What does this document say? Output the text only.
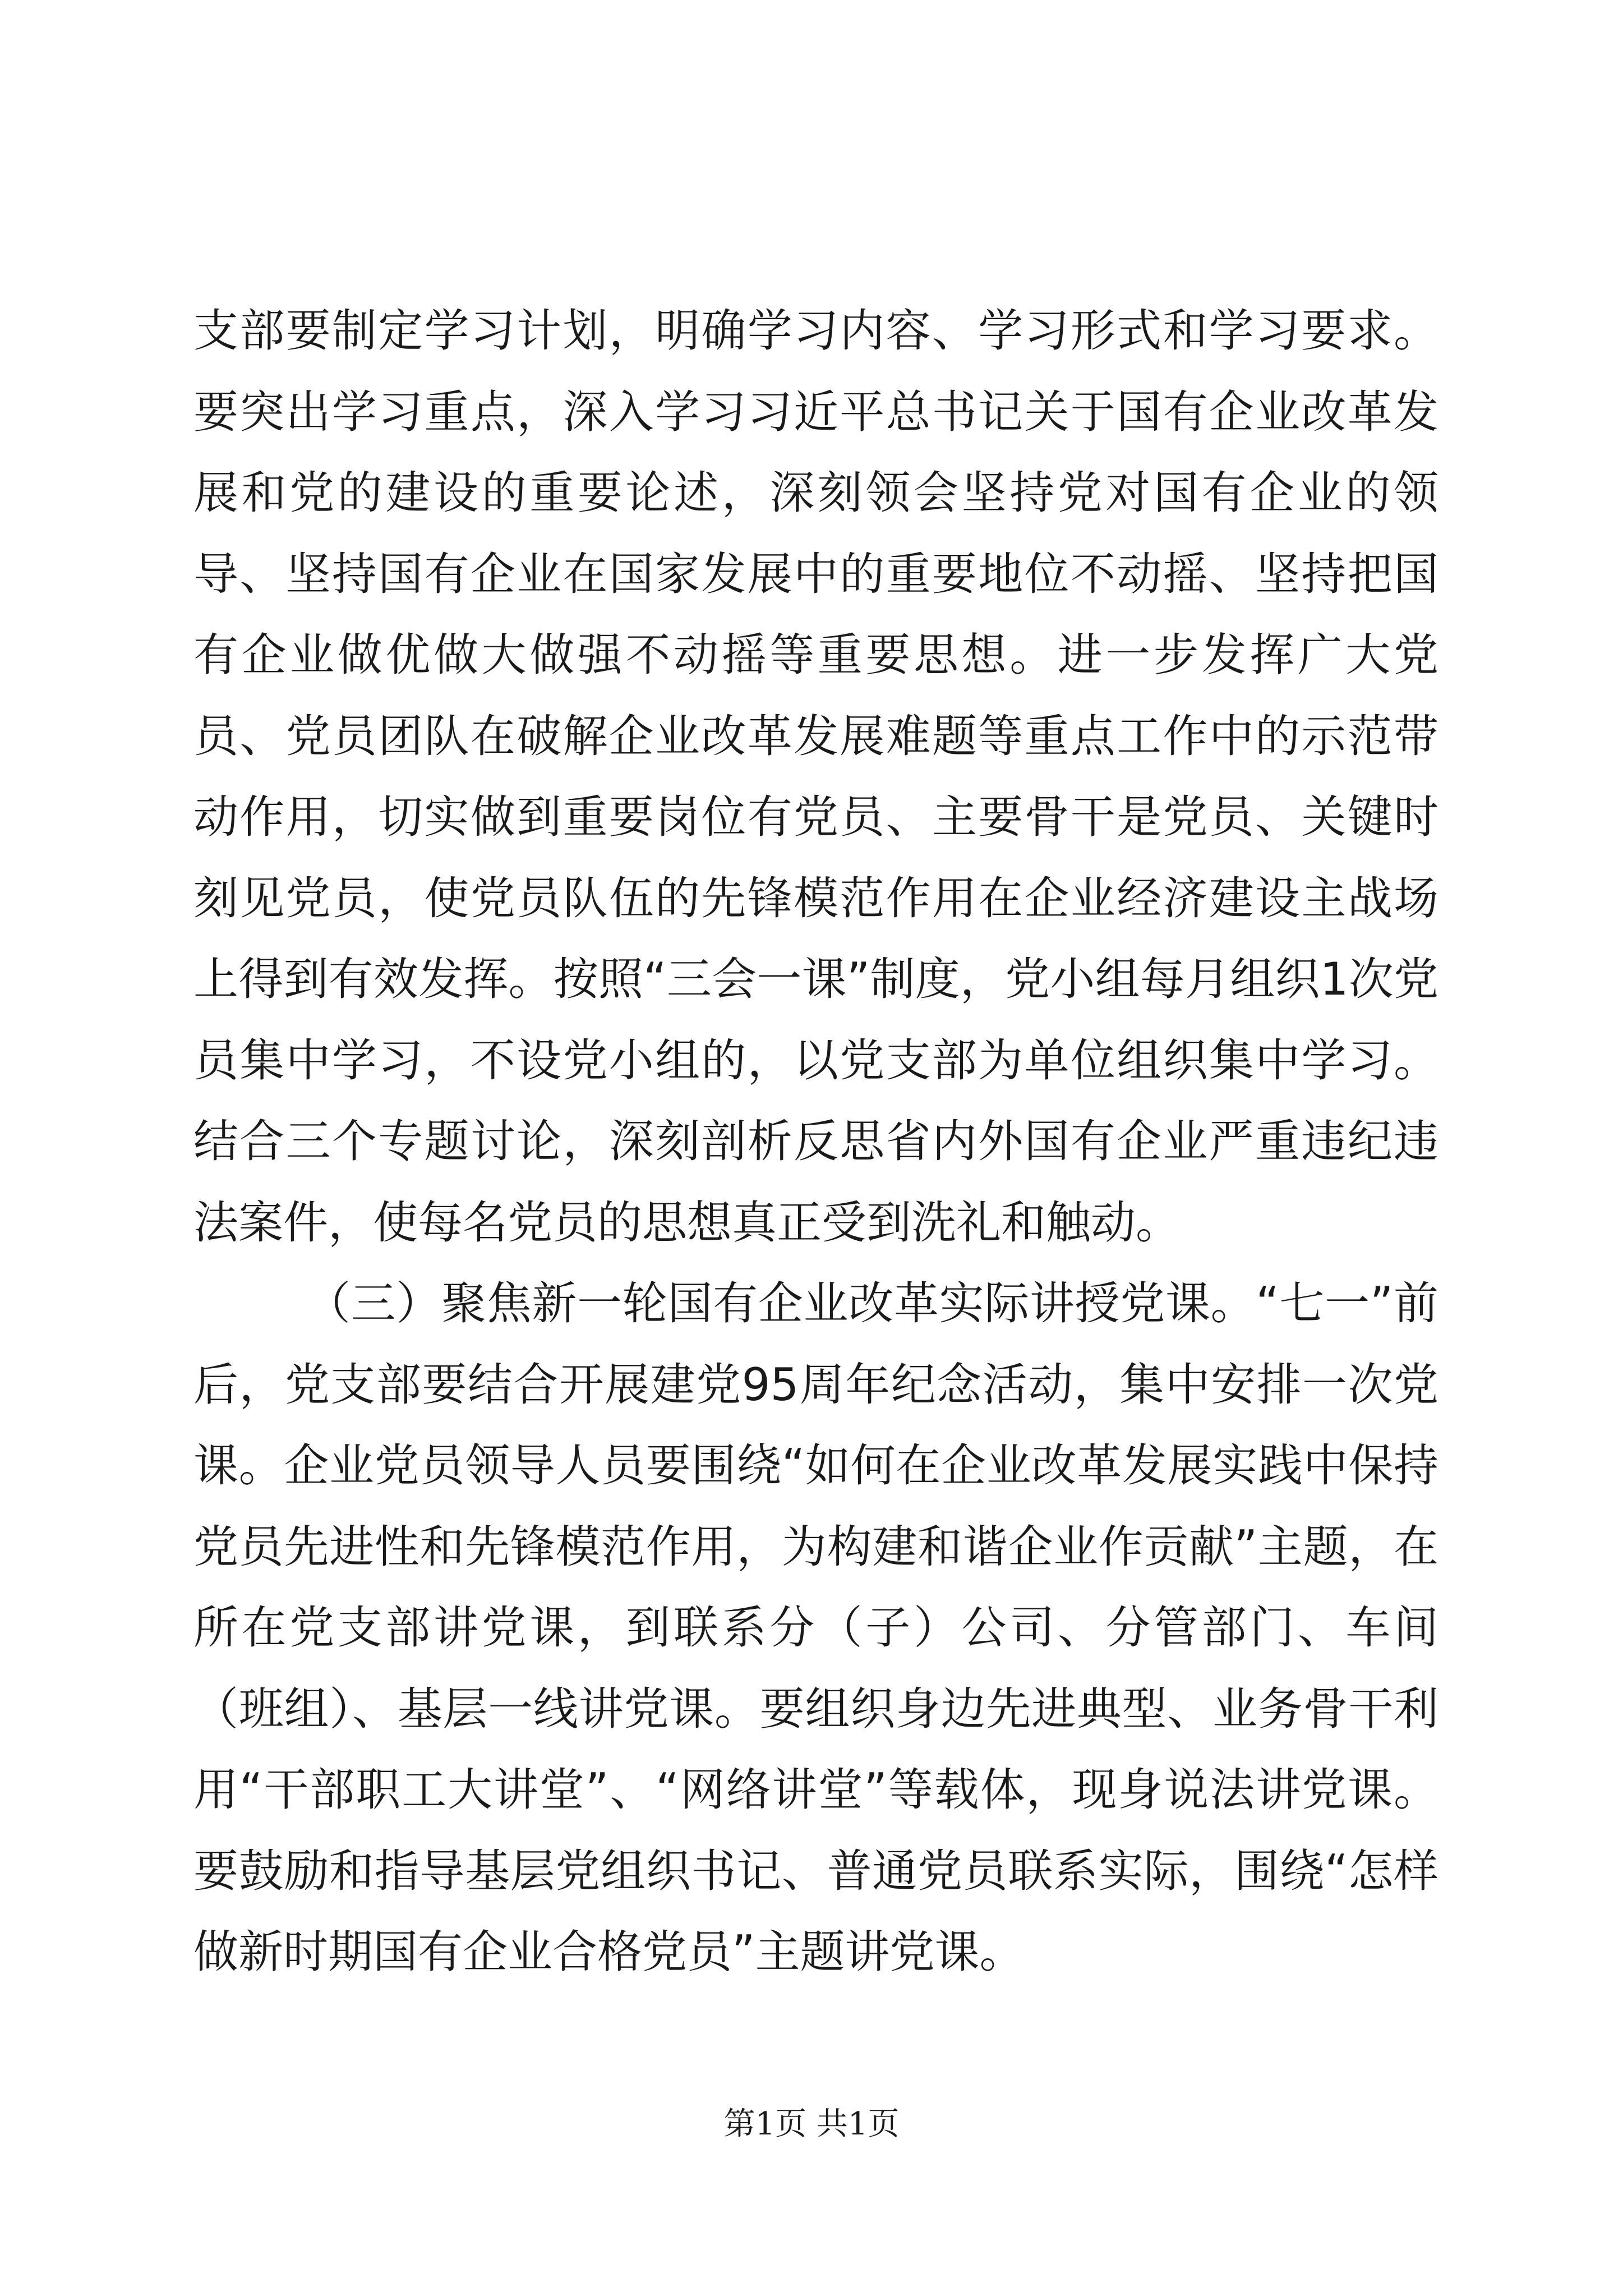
支部要制定学习计划，明确学习内容、学习形式和学习要求。要突出学习重点，深入学习习近平总书记关于国有企业改革发展和党的建设的重要论述，深刻领会坚持党对国有企业的领导、坚持国有企业在国家发展中的重要地位不动摇、坚持把国有企业做优做大做强不动摇等重要思想。进一步发挥广大党员、党员团队在破解企业改革发展难题等重点工作中的示范带动作用，切实做到重要岗位有党员、主要骨干是党员、关键时刻见党员，使党员队伍的先锋模范作用在企业经济建设主战场上得到有效发挥。按照“三会一课”制度，党小组每月组织1次党员集中学习，不设党小组的，以党支部为单位组织集中学习。结合三个专题讨论，深刻剖析反思省内外国有企业严重违纪违法案件，使每名党员的思想真正受到洗礼和触动。

（三）聚焦新一轮国有企业改革实际讲授党课。“七一”前后，党支部要结合开展建党95周年纪念活动，集中安排一次党课。企业党员领导人员要围绕“如何在企业改革发展实践中保持党员先进性和先锋模范作用，为构建和谐企业作贡献”主题，在所在党支部讲党课，到联系分（子）公司、分管部门、车间（班组）、基层一线讲党课。要组织身边先进典型、业务骨干利用“干部职工大讲堂”、“网络讲堂”等载体，现身说法讲党课。要鼓励和指导基层党组织书记、普通党员联系实际，围绕“怎样做新时期国有企业合格党员”主题讲党课。

第1页 共1页
